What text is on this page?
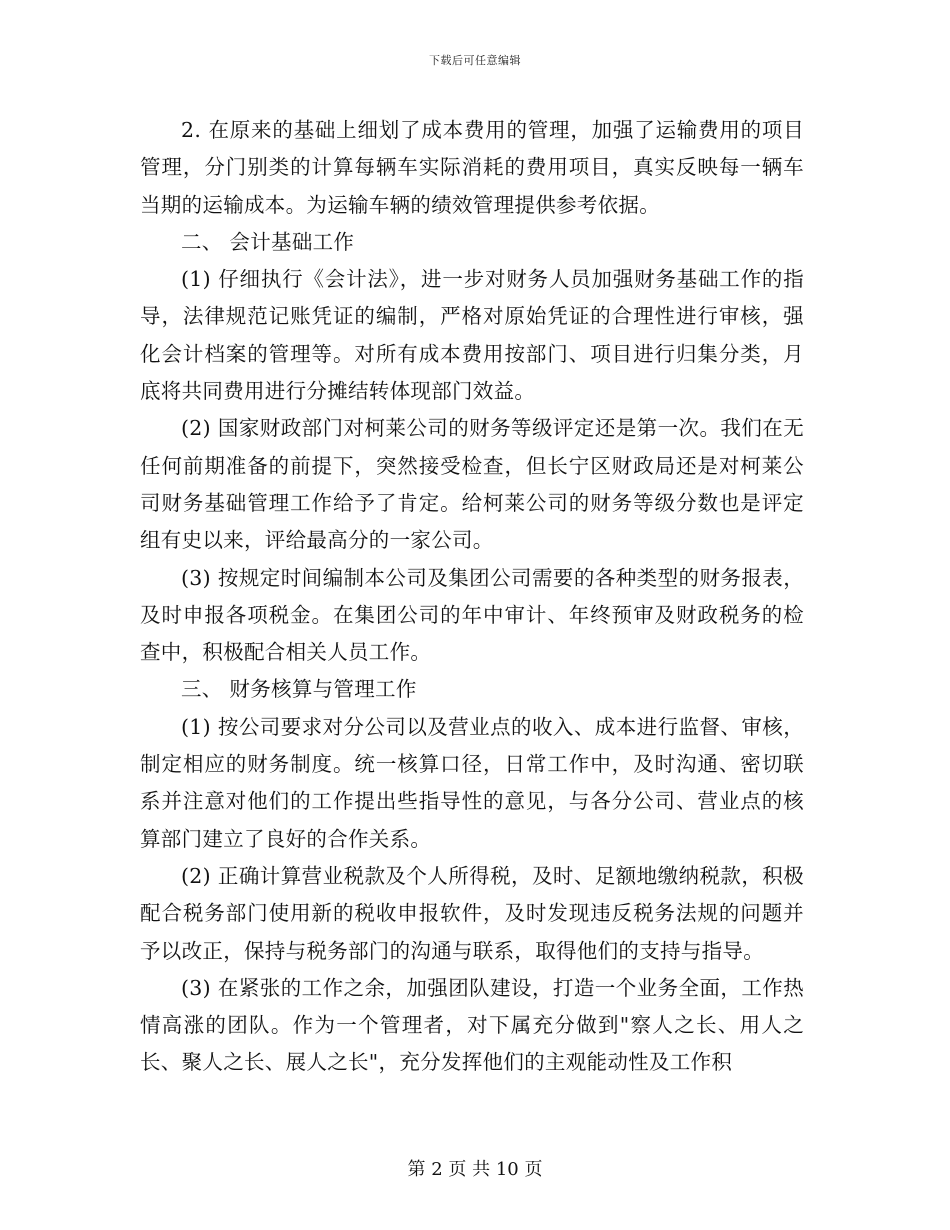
下载后可任意编辑

2. 在原来的基础上细划了成本费用的管理，加强了运输费用的项目管理，分门别类的计算每辆车实际消耗的费用项目，真实反映每一辆车当期的运输成本。为运输车辆的绩效管理提供参考依据。

二、 会计基础工作

(1) 仔细执行《会计法》，进一步对财务人员加强财务基础工作的指导，法律规范记账凭证的编制，严格对原始凭证的合理性进行审核，强化会计档案的管理等。对所有成本费用按部门、项目进行归集分类，月底将共同费用进行分摊结转体现部门效益。

(2) 国家财政部门对柯莱公司的财务等级评定还是第一次。我们在无任何前期准备的前提下，突然接受检查，但长宁区财政局还是对柯莱公司财务基础管理工作给予了肯定。给柯莱公司的财务等级分数也是评定组有史以来，评给最高分的一家公司。

(3) 按规定时间编制本公司及集团公司需要的各种类型的财务报表，及时申报各项税金。在集团公司的年中审计、年终预审及财政税务的检查中，积极配合相关人员工作。

三、 财务核算与管理工作

(1) 按公司要求对分公司以及营业点的收入、成本进行监督、审核，制定相应的财务制度。统一核算口径，日常工作中，及时沟通、密切联系并注意对他们的工作提出些指导性的意见，与各分公司、营业点的核算部门建立了良好的合作关系。

(2) 正确计算营业税款及个人所得税，及时、足额地缴纳税款，积极配合税务部门使用新的税收申报软件，及时发现违反税务法规的问题并予以改正，保持与税务部门的沟通与联系，取得他们的支持与指导。

(3) 在紧张的工作之余，加强团队建设，打造一个业务全面，工作热情高涨的团队。作为一个管理者，对下属充分做到"察人之长、用人之长、聚人之长、展人之长"，充分发挥他们的主观能动性及工作积

第 2 页 共 10 页
